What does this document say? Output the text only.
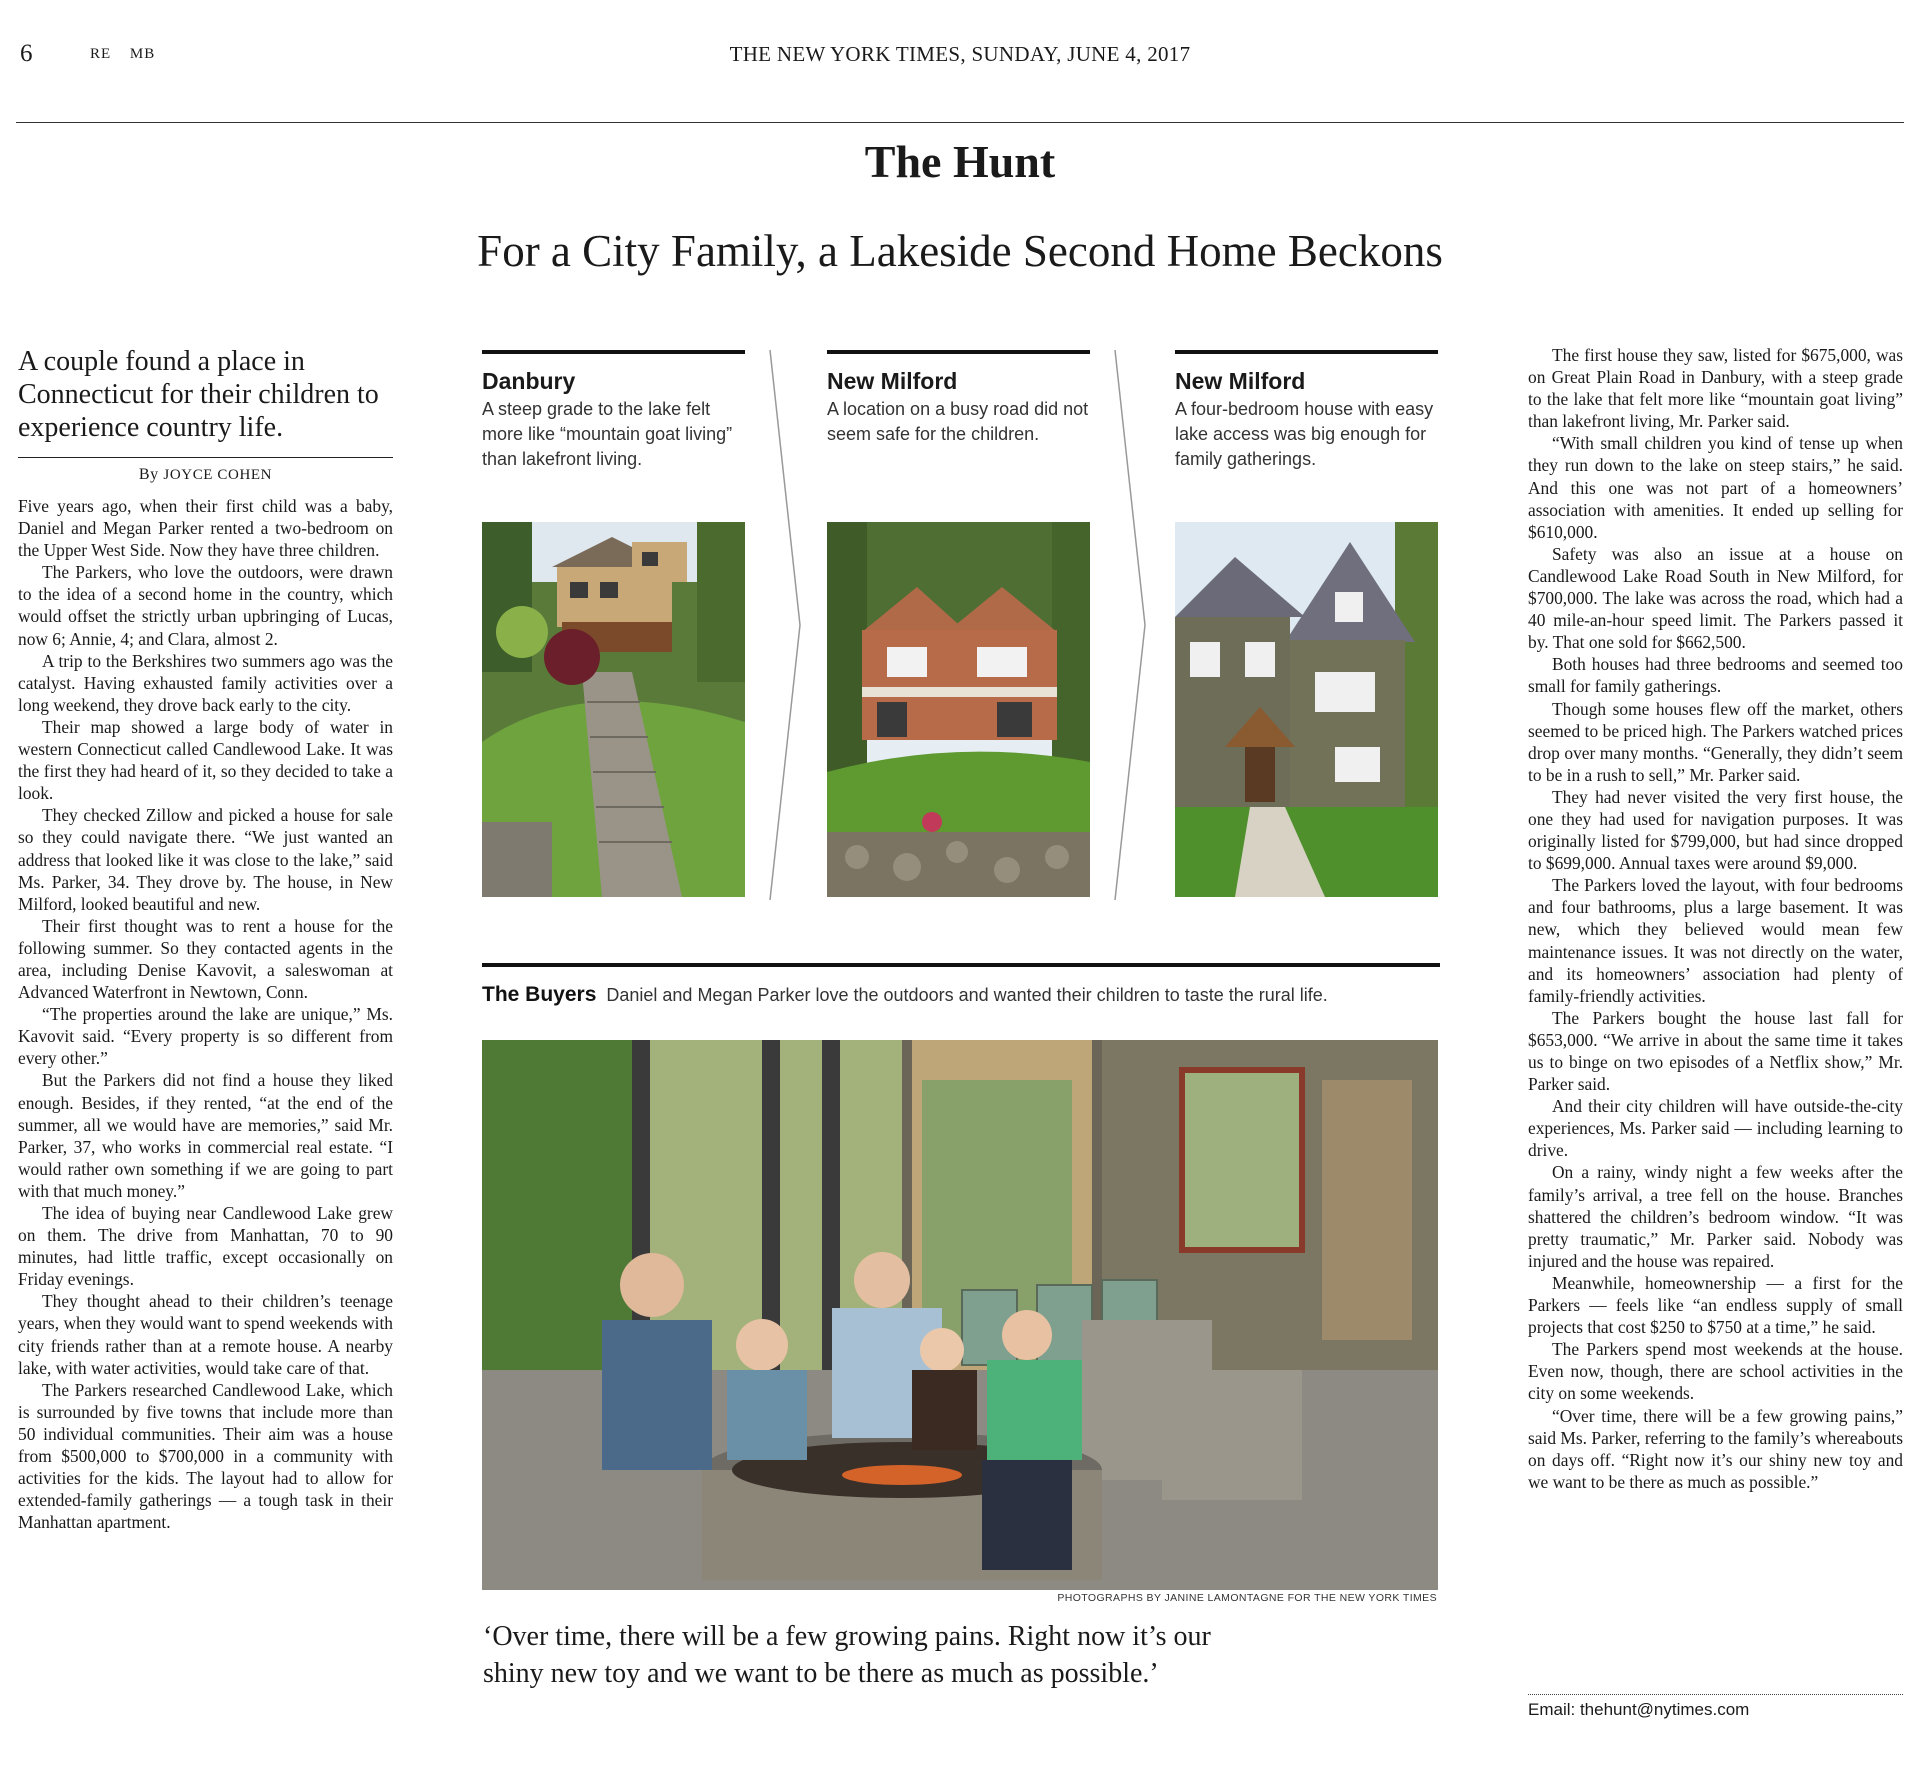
6	RE MB	THE NEW YORK TIMES, SUNDAY, JUNE 4, 2017
The Hunt
For a City Family, a Lakeside Second Home Beckons
A couple found a place in Connecticut for their children to experience country life.
By JOYCE COHEN

Five years ago, when their first child was a baby, Daniel and Megan Parker rented a two-bedroom on the Upper West Side. Now they have three children.

The Parkers, who love the outdoors, were drawn to the idea of a second home in the country, which would offset the strictly urban upbringing of Lucas, now 6; Annie, 4; and Clara, almost 2.

A trip to the Berkshires two summers ago was the catalyst. Having exhausted family activities over a long weekend, they drove back early to the city.

Their map showed a large body of water in western Connecticut called Candlewood Lake. It was the first they had heard of it, so they decided to take a look.

They checked Zillow and picked a house for sale so they could navigate there. “We just wanted an address that looked like it was close to the lake,” said Ms. Parker, 34. They drove by. The house, in New Milford, looked beautiful and new.

Their first thought was to rent a house for the following summer. So they contacted agents in the area, including Denise Kavovit, a saleswoman at Advanced Waterfront in Newtown, Conn.

“The properties around the lake are unique,” Ms. Kavovit said. “Every property is so different from every other.”

But the Parkers did not find a house they liked enough. Besides, if they rented, “at the end of the summer, all we would have are memories,” said Mr. Parker, 37, who works in commercial real estate. “I would rather own something if we are going to part with that much money.”

The idea of buying near Candlewood Lake grew on them. The drive from Manhattan, 70 to 90 minutes, had little traffic, except occasionally on Friday evenings.

They thought ahead to their children’s teenage years, when they would want to spend weekends with city friends rather than at a remote house. A nearby lake, with water activities, would take care of that.

The Parkers researched Candlewood Lake, which is surrounded by five towns that include more than 50 individual communities. Their aim was a house from $500,000 to $700,000 in a community with activities for the kids. The layout had to allow for extended-family gatherings — a tough task in their Manhattan apartment.

Danbury
A steep grade to the lake felt more like “mountain goat living” than lakefront living.
New Milford
A location on a busy road did not seem safe for the children.
New Milford
A four-bedroom house with easy lake access was big enough for family gatherings.
The Buyers Daniel and Megan Parker love the outdoors and wanted their children to taste the rural life.
PHOTOGRAPHS BY JANINE LAMONTAGNE FOR THE NEW YORK TIMES
‘Over time, there will be a few growing pains. Right now it’s our shiny new toy and we want to be there as much as possible.’

The first house they saw, listed for $675,000, was on Great Plain Road in Danbury, with a steep grade to the lake that felt more like “mountain goat living” than lakefront living, Mr. Parker said.

“With small children you kind of tense up when they run down to the lake on steep stairs,” he said. And this one was not part of a homeowners’ association with amenities. It ended up selling for $610,000.

Safety was also an issue at a house on Candlewood Lake Road South in New Milford, for $700,000. The lake was across the road, which had a 40 mile-an-hour speed limit. The Parkers passed it by. That one sold for $662,500.

Both houses had three bedrooms and seemed too small for family gatherings.

Though some houses flew off the market, others seemed to be priced high. The Parkers watched prices drop over many months. “Generally, they didn’t seem to be in a rush to sell,” Mr. Parker said.

They had never visited the very first house, the one they had used for navigation purposes. It was originally listed for $799,000, but had since dropped to $699,000. Annual taxes were around $9,000.

The Parkers loved the layout, with four bedrooms and four bathrooms, plus a large basement. It was new, which they believed would mean few maintenance issues. It was not directly on the water, and its homeowners’ association had plenty of family-friendly activities.

The Parkers bought the house last fall for $653,000. “We arrive in about the same time it takes us to binge on two episodes of a Netflix show,” Mr. Parker said.

And their city children will have outside-the-city experiences, Ms. Parker said — including learning to drive.

On a rainy, windy night a few weeks after the family’s arrival, a tree fell on the house. Branches shattered the children’s bedroom window. “It was pretty traumatic,” Mr. Parker said. Nobody was injured and the house was repaired.

Meanwhile, homeownership — a first for the Parkers — feels like “an endless supply of small projects that cost $250 to $750 at a time,” he said.

The Parkers spend most weekends at the house. Even now, though, there are school activities in the city on some weekends.

“Over time, there will be a few growing pains,” said Ms. Parker, referring to the family’s whereabouts on days off. “Right now it’s our shiny new toy and we want to be there as much as possible.”

Email: thehunt@nytimes.com
